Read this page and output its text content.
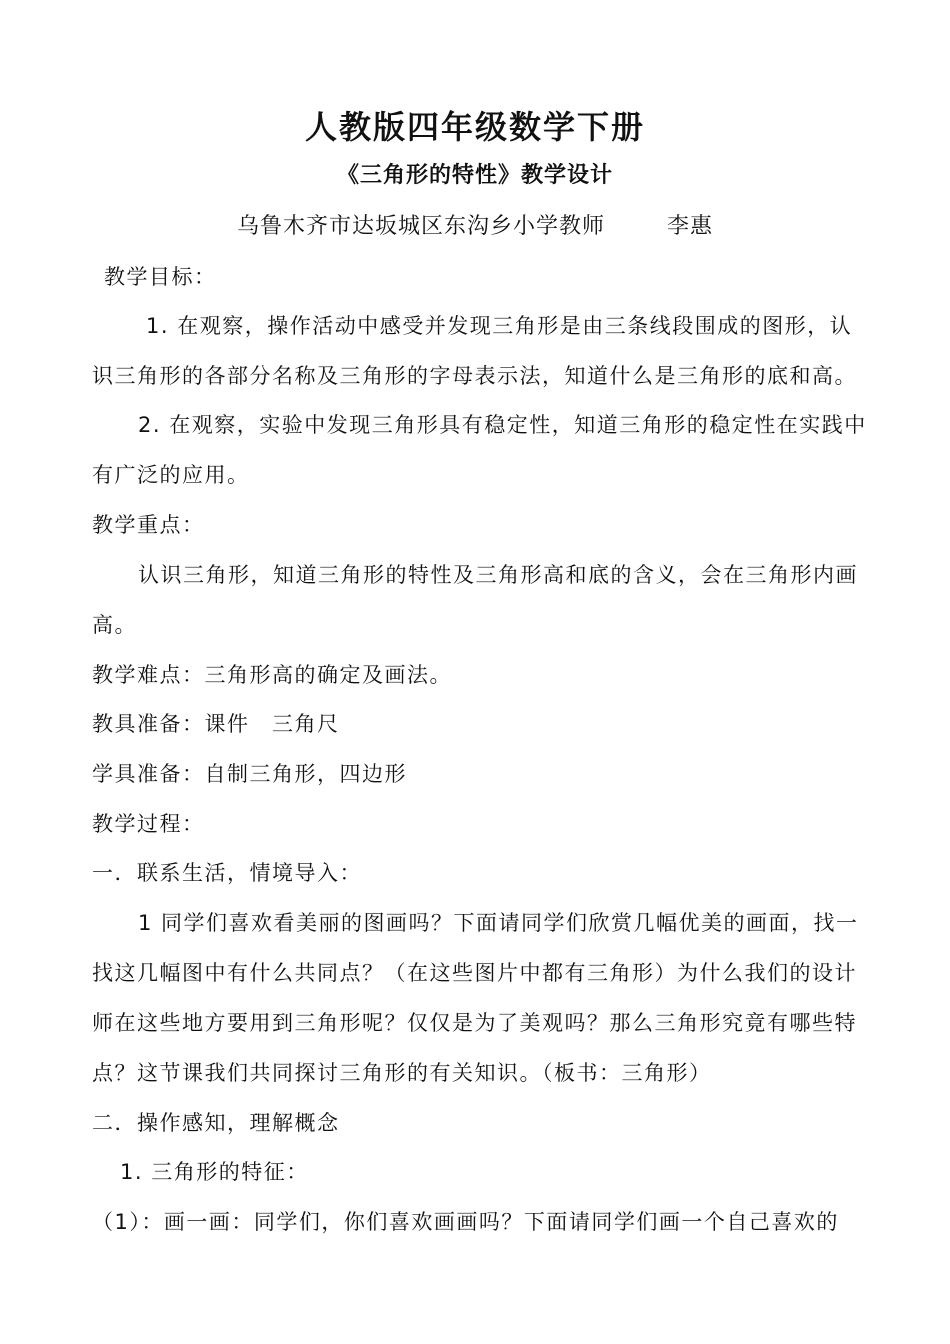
人教版四年级数学下册
《三角形的特性》教学设计
乌鲁木齐市达坂城区东沟乡小学教师	李惠
教学目标：
1. 在观察，操作活动中感受并发现三角形是由三条线段围成的图形，认
识三角形的各部分名称及三角形的字母表示法，知道什么是三角形的底和高。
2. 在观察，实验中发现三角形具有稳定性，知道三角形的稳定性在实践中
有广泛的应用。
教学重点：
认识三角形，知道三角形的特性及三角形高和底的含义，会在三角形内画
高。
教学难点：三角形高的确定及画法。
教具准备：课件　三角尺
学具准备：自制三角形，四边形
教学过程：
一．联系生活，情境导入：
1 同学们喜欢看美丽的图画吗？下面请同学们欣赏几幅优美的画面，找一
找这几幅图中有什么共同点？（在这些图片中都有三角形）为什么我们的设计
师在这些地方要用到三角形呢？仅仅是为了美观吗？那么三角形究竟有哪些特
点？这节课我们共同探讨三角形的有关知识。（板书：三角形）
二．操作感知，理解概念
1. 三角形的特征：
（1）：画一画：同学们，你们喜欢画画吗？下面请同学们画一个自己喜欢的
